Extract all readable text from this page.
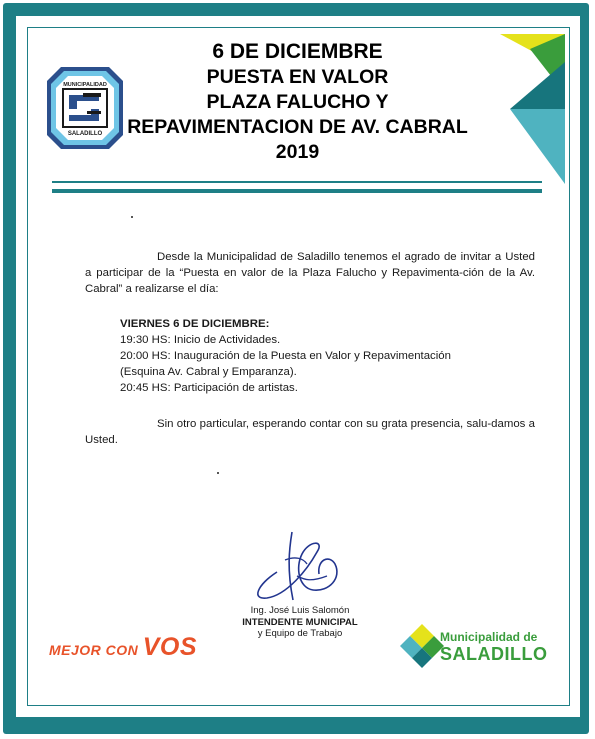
MUNICIPALIDAD
SALADILLO
6 DE DICIEMBRE
PUESTA EN VALOR
PLAZA FALUCHO Y
REPAVIMENTACION DE AV. CABRAL
2019

Desde la Municipalidad de Saladillo tenemos el agrado de invitar a Usted a participar de la “Puesta en valor de la Plaza Falucho y Repavimenta-ción de la Av. Cabral” a realizarse el día:

VIERNES 6 DE DICIEMBRE:
19:30 HS: Inicio de Actividades.
20:00 HS: Inauguración de la Puesta en Valor y Repavimentación
(Esquina Av. Cabral y Emparanza).
20:45 HS: Participación de artistas.

Sin otro particular, esperando contar con su grata presencia, salu-damos a Usted.

Ing. José Luis Salomón
INTENDENTE MUNICIPAL
y Equipo de Trabajo
MEJOR CON VOS	Municipalidad de
SALADILLO
